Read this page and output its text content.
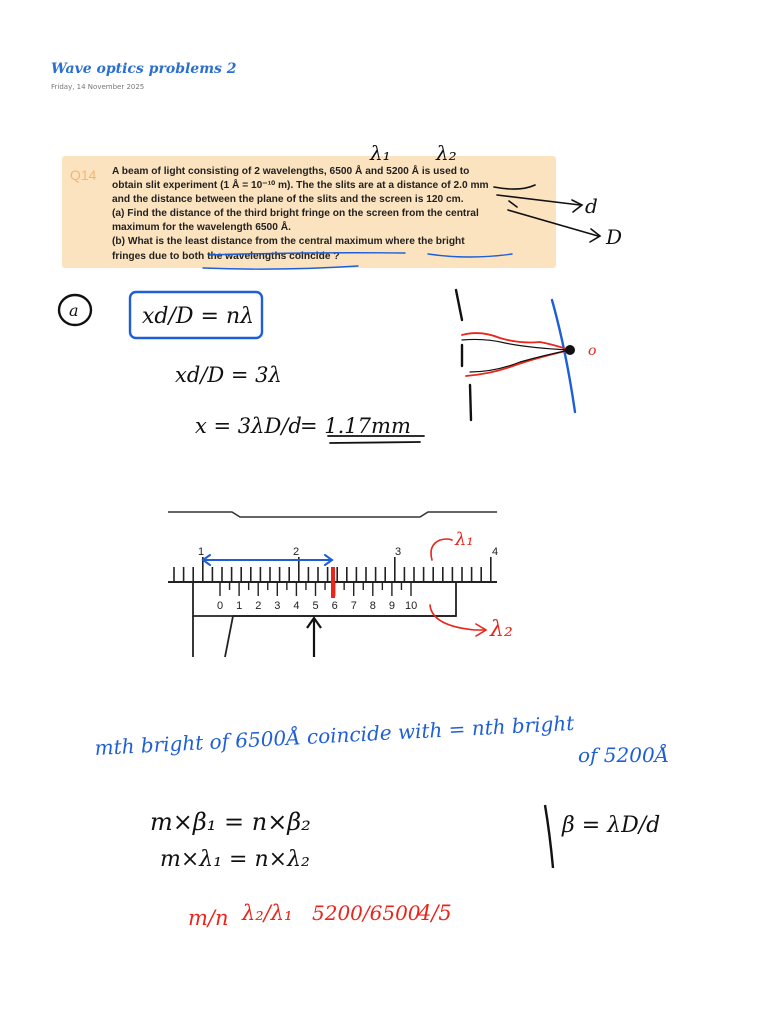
Wave optics problems 2
Friday, 14 November 2025
Q14 A beam of light consisting of 2 wavelengths, 6500 Å and 5200 Å is used to
obtain slit experiment (1 Å = 10⁻¹⁰ m). The the slits are at a distance of 2.0 mm
and the distance between the plane of the slits and the screen is 120 cm.
(a) Find the distance of the third bright fringe on the screen from the central
maximum for the wavelength 6500 Å.
(b) What is the least distance from the central maximum where the bright
fringes due to both the wavelengths coincide ?
λ₁ λ₂
d
D
a	xd/D = nλ
xd/D = 3λ
x = 3λD/d
= 1.17mm
o
1	2	3	4
0 1 2 3 4 5 6 7 8 9 10
λ₁
λ₂
mth bright of 6500Å coincide with = nth bright of 5200Å
m×β₁ = n×β₂
m×λ₁ = n×λ₂
β = λD/d
m/n λ₂/λ₁ 5200/6500
4/5
